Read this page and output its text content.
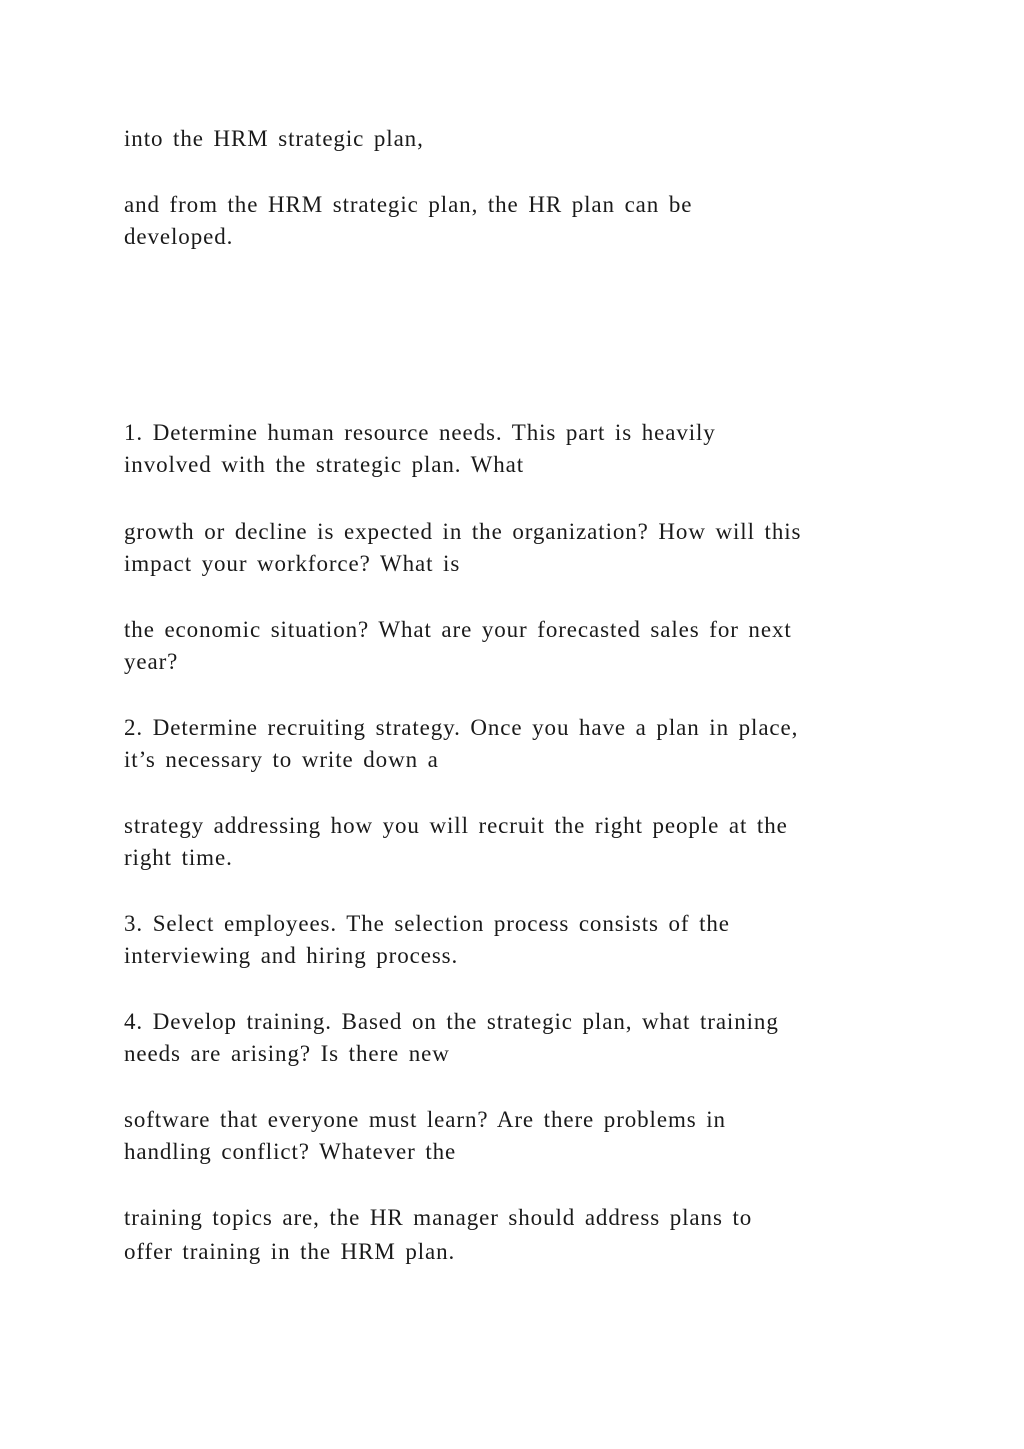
into the HRM strategic plan,

and from the HRM strategic plan, the HR plan can be

developed.

1. Determine human resource needs. This part is heavily

involved with the strategic plan. What

growth or decline is expected in the organization? How will this

impact your workforce? What is

the economic situation? What are your forecasted sales for next

year?

2. Determine recruiting strategy. Once you have a plan in place,

it’s necessary to write down a

strategy addressing how you will recruit the right people at the

right time.

3. Select employees. The selection process consists of the

interviewing and hiring process.

4. Develop training. Based on the strategic plan, what training

needs are arising? Is there new

software that everyone must learn? Are there problems in

handling conflict? Whatever the

training topics are, the HR manager should address plans to

offer training in the HRM plan.
